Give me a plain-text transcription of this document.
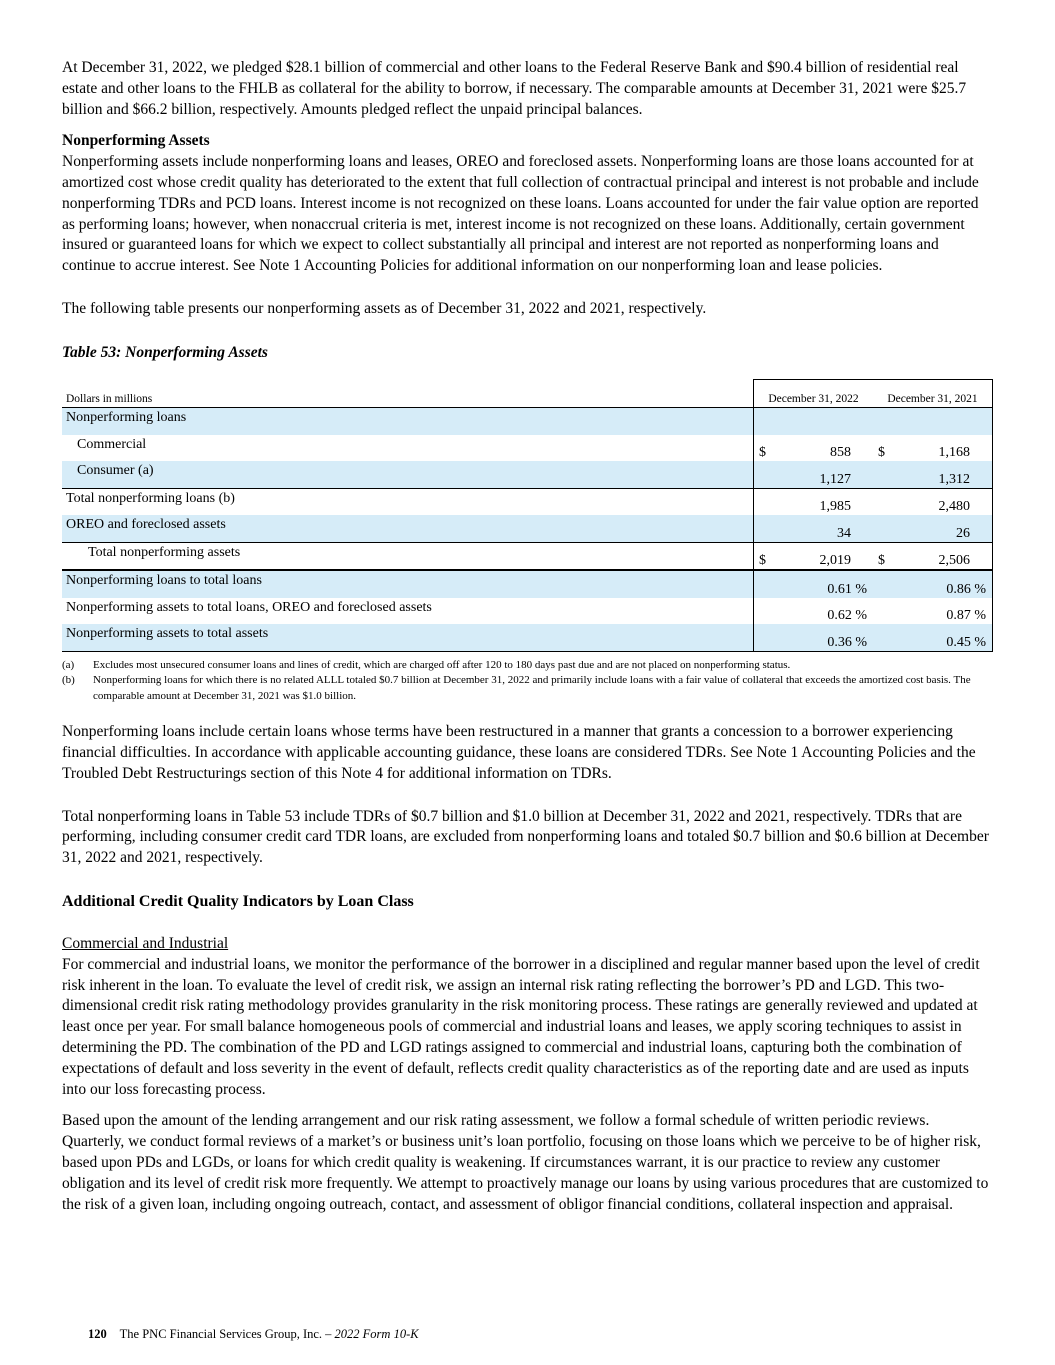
At December 31, 2022, we pledged $28.1 billion of commercial and other loans to the Federal Reserve Bank and $90.4 billion of residential real estate and other loans to the FHLB as collateral for the ability to borrow, if necessary. The comparable amounts at December 31, 2021 were $25.7 billion and $66.2 billion, respectively. Amounts pledged reflect the unpaid principal balances.

Nonperforming Assets

Nonperforming assets include nonperforming loans and leases, OREO and foreclosed assets. Nonperforming loans are those loans accounted for at amortized cost whose credit quality has deteriorated to the extent that full collection of contractual principal and interest is not probable and include nonperforming TDRs and PCD loans. Interest income is not recognized on these loans. Loans accounted for under the fair value option are reported as performing loans; however, when nonaccrual criteria is met, interest income is not recognized on these loans. Additionally, certain government insured or guaranteed loans for which we expect to collect substantially all principal and interest are not reported as nonperforming loans and continue to accrue interest. See Note 1 Accounting Policies for additional information on our nonperforming loan and lease policies.

The following table presents our nonperforming assets as of December 31, 2022 and 2021, respectively.

Table 53: Nonperforming Assets

Dollars in millions	December 31, 2022	December 31, 2021
Nonperforming loans		
Commercial	$ 858	$ 1,168

Consumer (a)	1,127	1,312

Total nonperforming loans (b)	1,985	2,480

OREO and foreclosed assets	34	26

Total nonperforming assets	$ 2,019	$ 2,506

Nonperforming loans to total loans	0.61 %	0.86 %

Nonperforming assets to total loans, OREO and foreclosed assets	0.62 %	0.87 %

Nonperforming assets to total assets	0.36 %	0.45 %
(a)	Excludes most unsecured consumer loans and lines of credit, which are charged off after 120 to 180 days past due and are not placed on nonperforming status.
(b)	Nonperforming loans for which there is no related ALLL totaled $0.7 billion at December 31, 2022 and primarily include loans with a fair value of collateral that exceeds the amortized cost basis. The comparable amount at December 31, 2021 was $1.0 billion.

Nonperforming loans include certain loans whose terms have been restructured in a manner that grants a concession to a borrower experiencing financial difficulties. In accordance with applicable accounting guidance, these loans are considered TDRs. See Note 1 Accounting Policies and the Troubled Debt Restructurings section of this Note 4 for additional information on TDRs.

Total nonperforming loans in Table 53 include TDRs of $0.7 billion and $1.0 billion at December 31, 2022 and 2021, respectively. TDRs that are performing, including consumer credit card TDR loans, are excluded from nonperforming loans and totaled $0.7 billion and $0.6 billion at December 31, 2022 and 2021, respectively.

Additional Credit Quality Indicators by Loan Class

Commercial and Industrial

For commercial and industrial loans, we monitor the performance of the borrower in a disciplined and regular manner based upon the level of credit risk inherent in the loan. To evaluate the level of credit risk, we assign an internal risk rating reflecting the borrower’s PD and LGD. This two-dimensional credit risk rating methodology provides granularity in the risk monitoring process. These ratings are generally reviewed and updated at least once per year. For small balance homogeneous pools of commercial and industrial loans and leases, we apply scoring techniques to assist in determining the PD. The combination of the PD and LGD ratings assigned to commercial and industrial loans, capturing both the combination of expectations of default and loss severity in the event of default, reflects credit quality characteristics as of the reporting date and are used as inputs into our loss forecasting process.

Based upon the amount of the lending arrangement and our risk rating assessment, we follow a formal schedule of written periodic reviews. Quarterly, we conduct formal reviews of a market’s or business unit’s loan portfolio, focusing on those loans which we perceive to be of higher risk, based upon PDs and LGDs, or loans for which credit quality is weakening. If circumstances warrant, it is our practice to review any customer obligation and its level of credit risk more frequently. We attempt to proactively manage our loans by using various procedures that are customized to the risk of a given loan, including ongoing outreach, contact, and assessment of obligor financial conditions, collateral inspection and appraisal.

120 The PNC Financial Services Group, Inc. – 2022 Form 10-K
